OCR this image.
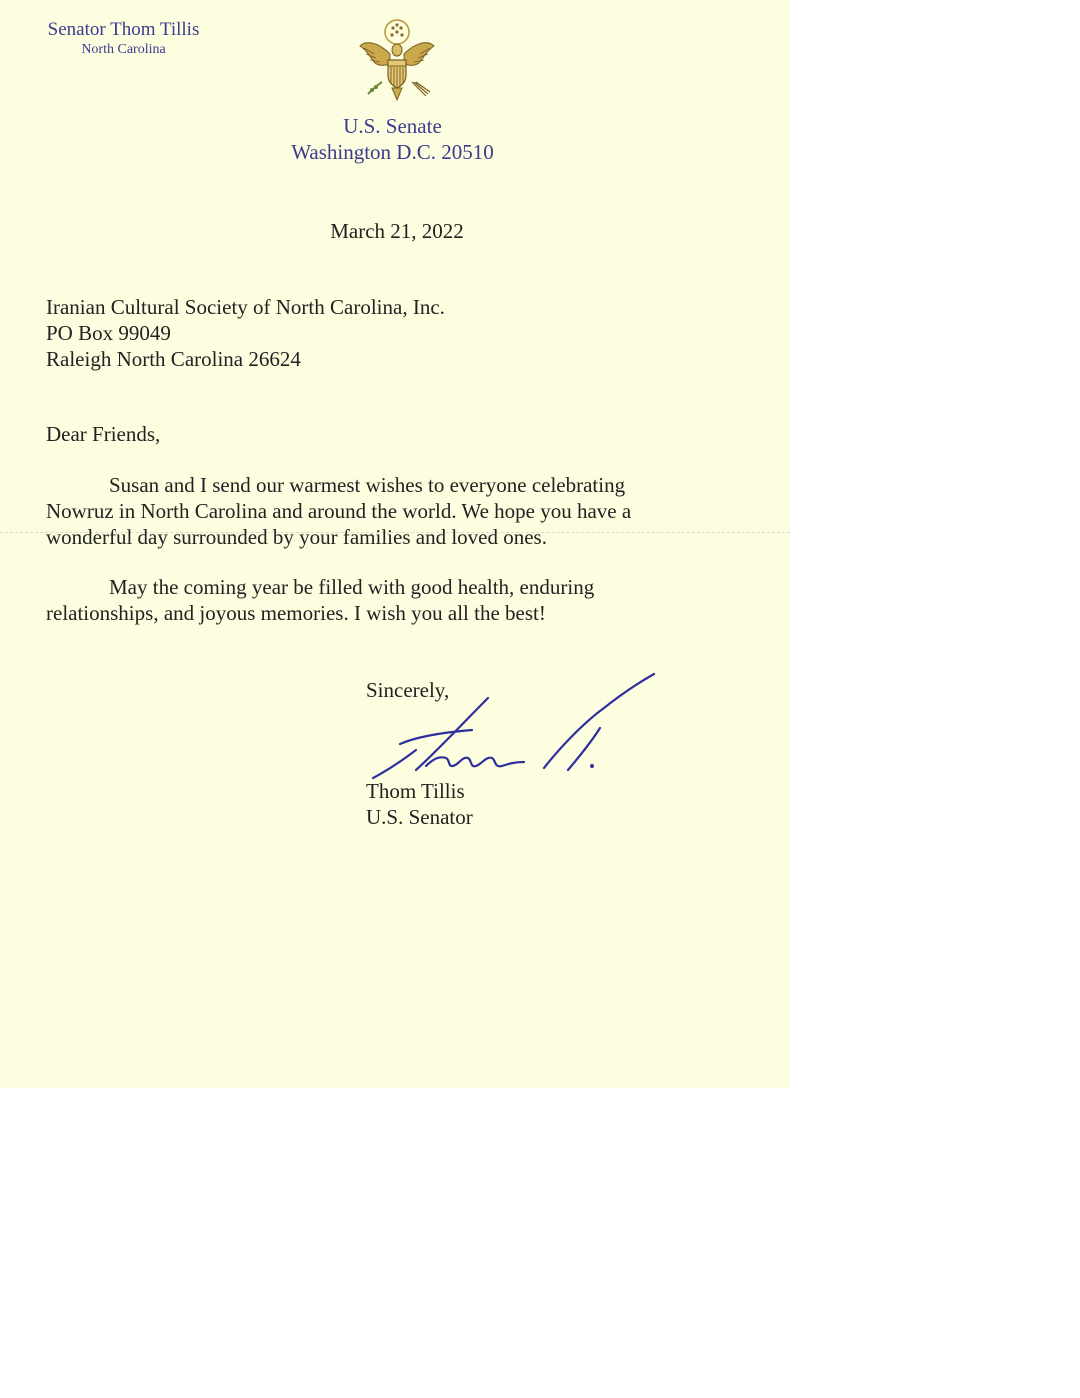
Senator Thom Tillis
North Carolina
U.S. Senate
Washington D.C. 20510
March 21, 2022
Iranian Cultural Society of North Carolina, Inc.
PO Box 99049
Raleigh North Carolina 26624
Dear Friends,
Susan and I send our warmest wishes to everyone celebrating
Nowruz in North Carolina and around the world. We hope you have a
wonderful day surrounded by your families and loved ones.
May the coming year be filled with good health, enduring
relationships, and joyous memories. I wish you all the best!
Sincerely,
Thom Tillis
U.S. Senator
